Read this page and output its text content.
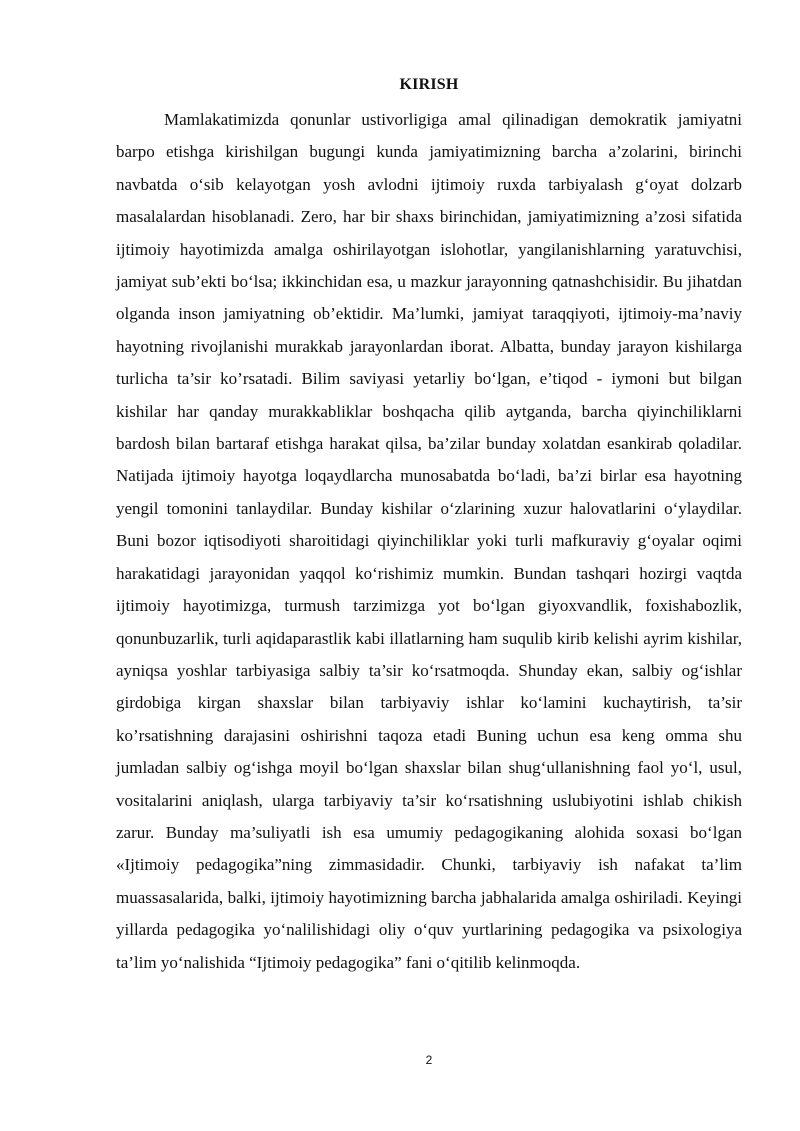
KIRISH

Mamlakatimizda qonunlar ustivorligiga amal qilinadigan demokratik jamiyatni barpo etishga kirishilgan bugungi kunda jamiyatimizning barcha a’zolarini, birinchi navbatda o‘sib kelayotgan yosh avlodni ijtimoiy ruxda tarbiyalash g‘oyat dolzarb masalalardan hisoblanadi. Zero, har bir shaxs birinchidan, jamiyatimizning a’zosi sifatida ijtimoiy hayotimizda amalga oshirilayotgan islohotlar, yangilanishlarning yaratuvchisi, jamiyat sub’ekti bo‘lsa; ikkinchidan esa, u mazkur jarayonning qatnashchisidir. Bu jihatdan olganda inson jamiyatning ob’ektidir. Ma’lumki, jamiyat taraqqiyoti, ijtimoiy-ma’naviy hayotning rivojlanishi murakkab jarayonlardan iborat. Albatta, bunday jarayon kishilarga turlicha ta’sir ko’rsatadi. Bilim saviyasi yetarliy bo‘lgan, e’tiqod - iymoni but bilgan kishilar har qanday murakkabliklar boshqacha qilib aytganda, barcha qiyinchiliklarni bardosh bilan bartaraf etishga harakat qilsa, ba’zilar bunday xolatdan esankirab qoladilar. Natijada ijtimoiy hayotga loqaydlarcha munosabatda bo‘ladi, ba’zi birlar esa hayotning yengil tomonini tanlaydilar. Bunday kishilar o‘zlarining xuzur halovatlarini o‘ylaydilar. Buni bozor iqtisodiyoti sharoitidagi qiyinchiliklar yoki turli mafkuraviy g‘oyalar oqimi harakatidagi jarayonidan yaqqol ko‘rishimiz mumkin. Bundan tashqari hozirgi vaqtda ijtimoiy hayotimizga, turmush tarzimizga yot bo‘lgan giyoxvandlik, foxishabozlik, qonunbuzarlik, turli aqidaparastlik kabi illatlarning ham suqulib kirib kelishi ayrim kishilar, ayniqsa yoshlar tarbiyasiga salbiy ta’sir ko‘rsatmoqda. Shunday ekan, salbiy og‘ishlar girdobiga kirgan shaxslar bilan tarbiyaviy ishlar ko‘lamini kuchaytirish, ta’sir ko’rsatishning darajasini oshirishni taqoza etadi Buning uchun esa keng omma shu jumladan salbiy og‘ishga moyil bo‘lgan shaxslar bilan shug‘ullanishning faol yo‘l, usul, vositalarini aniqlash, ularga tarbiyaviy ta’sir ko‘rsatishning uslubiyotini ishlab chikish zarur. Bunday ma’suliyatli ish esa umumiy pedagogikaning alohida soxasi bo‘lgan «Ijtimoiy pedagogika”ning zimmasidadir. Chunki, tarbiyaviy ish nafakat ta’lim muassasalarida, balki, ijtimoiy hayotimizning barcha jabhalarida amalga oshiriladi. Keyingi yillarda pedagogika yo‘nalilishidagi oliy o‘quv yurtlarining pedagogika va psixologiya ta’lim yo‘nalishida “Ijtimoiy pedagogika” fani o‘qitilib kelinmoqda.

2
